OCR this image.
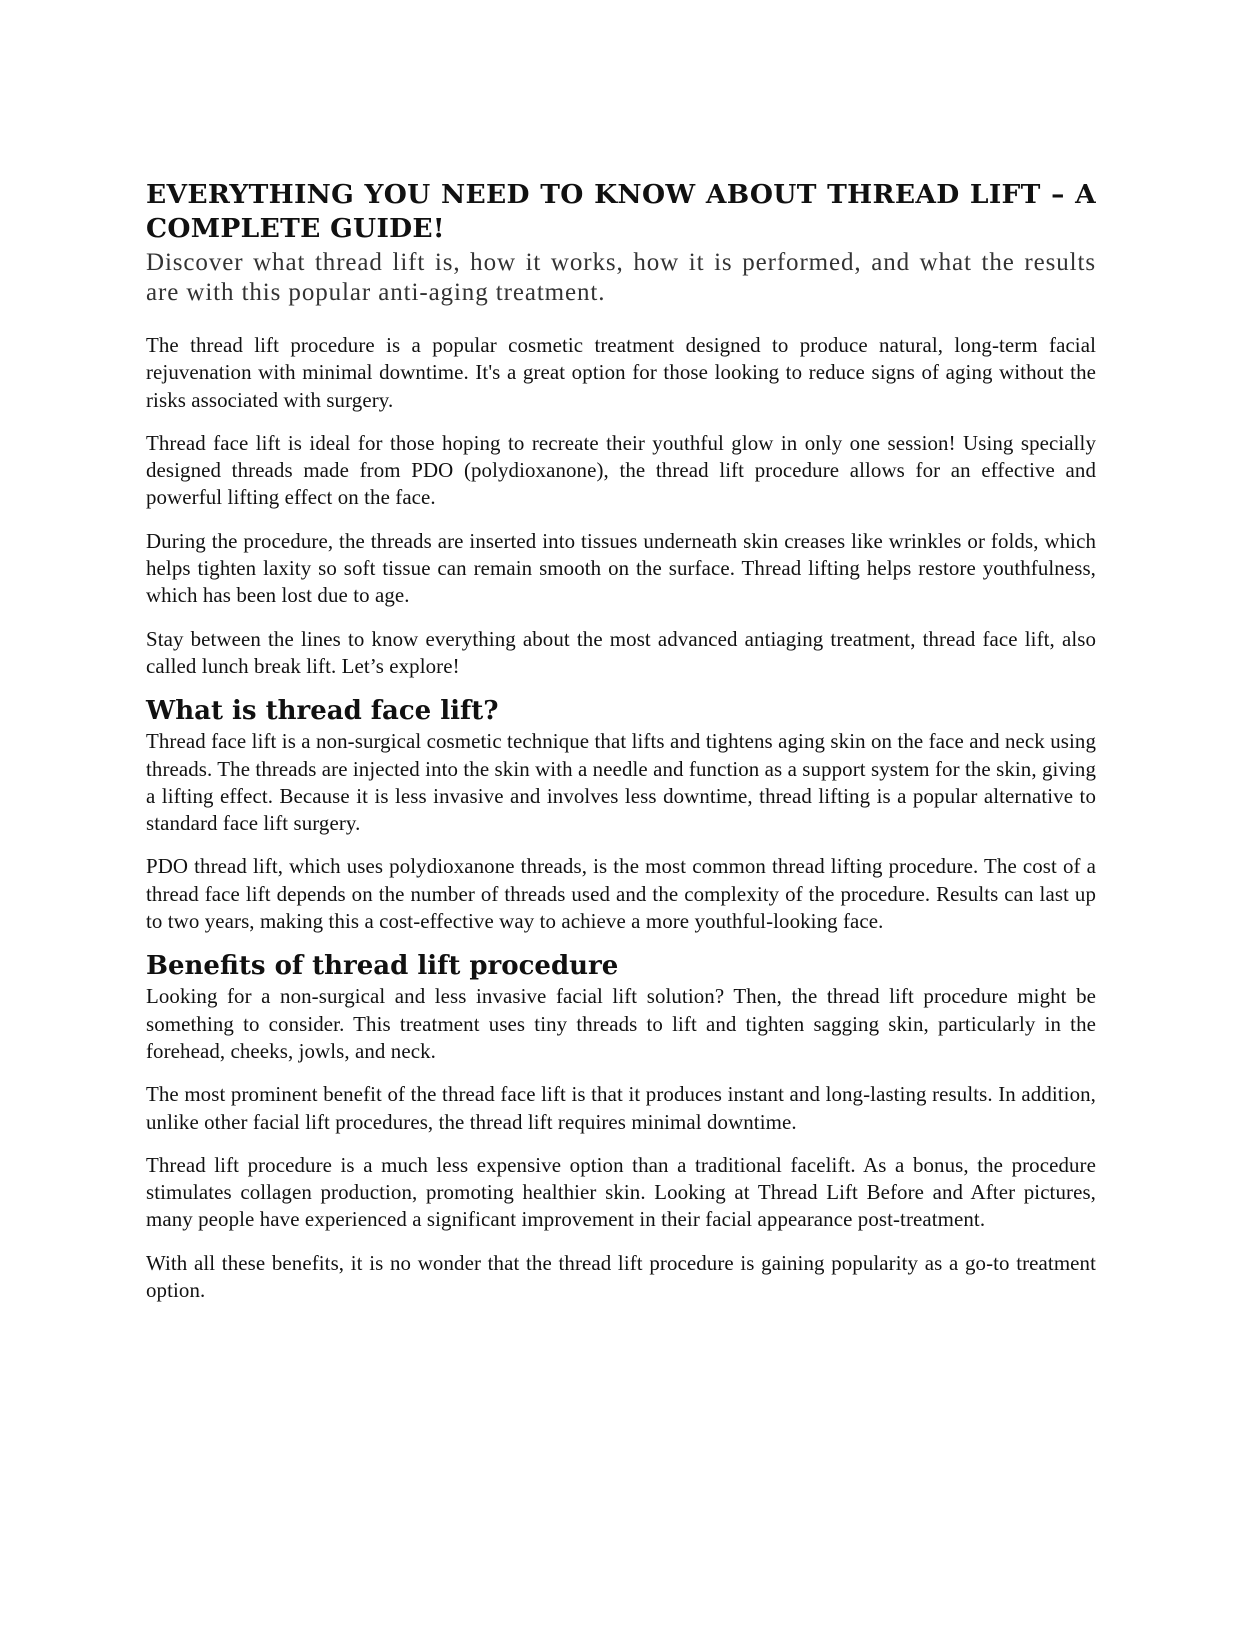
EVERYTHING YOU NEED TO KNOW ABOUT THREAD LIFT – A COMPLETE GUIDE!

Discover what thread lift is, how it works, how it is performed, and what the results are with this popular anti-aging treatment.

The thread lift procedure is a popular cosmetic treatment designed to produce natural, long-term facial rejuvenation with minimal downtime. It's a great option for those looking to reduce signs of aging without the risks associated with surgery.

Thread face lift is ideal for those hoping to recreate their youthful glow in only one session! Using specially designed threads made from PDO (polydioxanone), the thread lift procedure allows for an effective and powerful lifting effect on the face.

During the procedure, the threads are inserted into tissues underneath skin creases like wrinkles or folds, which helps tighten laxity so soft tissue can remain smooth on the surface. Thread lifting helps restore youthfulness, which has been lost due to age.

Stay between the lines to know everything about the most advanced antiaging treatment, thread face lift, also called lunch break lift. Let’s explore!

What is thread face lift?

Thread face lift is a non-surgical cosmetic technique that lifts and tightens aging skin on the face and neck using threads. The threads are injected into the skin with a needle and function as a support system for the skin, giving a lifting effect. Because it is less invasive and involves less downtime, thread lifting is a popular alternative to standard face lift surgery.

PDO thread lift, which uses polydioxanone threads, is the most common thread lifting procedure. The cost of a thread face lift depends on the number of threads used and the complexity of the procedure. Results can last up to two years, making this a cost-effective way to achieve a more youthful-looking face.

Benefits of thread lift procedure

Looking for a non-surgical and less invasive facial lift solution? Then, the thread lift procedure might be something to consider. This treatment uses tiny threads to lift and tighten sagging skin, particularly in the forehead, cheeks, jowls, and neck.

The most prominent benefit of the thread face lift is that it produces instant and long-lasting results. In addition, unlike other facial lift procedures, the thread lift requires minimal downtime.

Thread lift procedure is a much less expensive option than a traditional facelift. As a bonus, the procedure stimulates collagen production, promoting healthier skin. Looking at Thread Lift Before and After pictures, many people have experienced a significant improvement in their facial appearance post-treatment.

With all these benefits, it is no wonder that the thread lift procedure is gaining popularity as a go-to treatment option.
